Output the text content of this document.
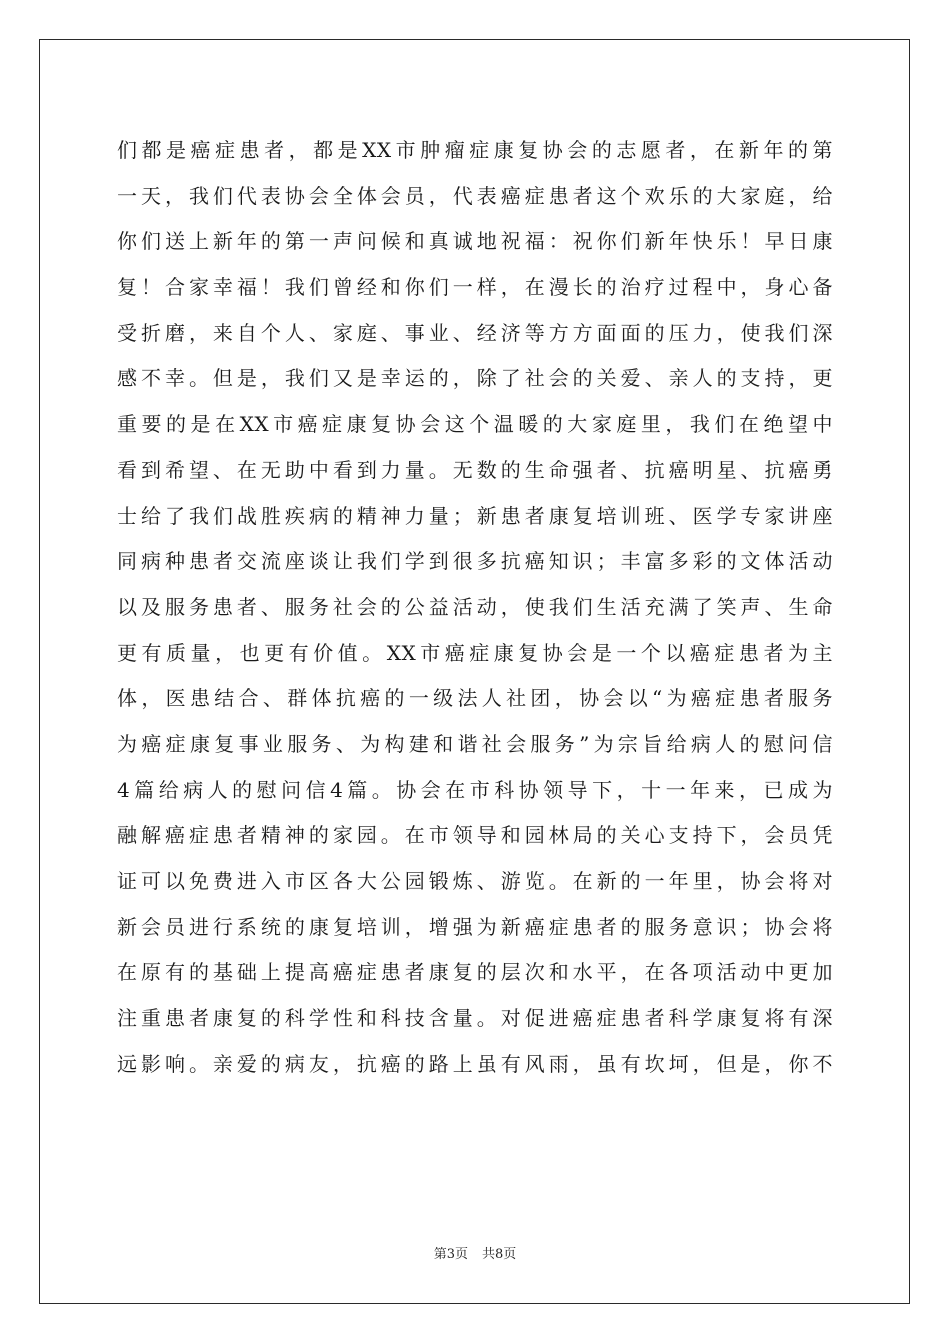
们都是癌症患者，都是XX市肿瘤症康复协会的志愿者，在新年的第
一天，我们代表协会全体会员，代表癌症患者这个欢乐的大家庭，给
你们送上新年的第一声问候和真诚地祝福：祝你们新年快乐！早日康
复！合家幸福！我们曾经和你们一样，在漫长的治疗过程中，身心备
受折磨，来自个人、家庭、事业、经济等方方面面的压力，使我们深
感不幸。但是，我们又是幸运的，除了社会的关爱、亲人的支持，更
重要的是在XX市癌症康复协会这个温暖的大家庭里，我们在绝望中
看到希望、在无助中看到力量。无数的生命强者、抗癌明星、抗癌勇
士给了我们战胜疾病的精神力量；新患者康复培训班、医学专家讲座
同病种患者交流座谈让我们学到很多抗癌知识；丰富多彩的文体活动
以及服务患者、服务社会的公益活动，使我们生活充满了笑声、生命
更有质量，也更有价值。XX市癌症康复协会是一个以癌症患者为主
体，医患结合、群体抗癌的一级法人社团，协会以“为癌症患者服务
为癌症康复事业服务、为构建和谐社会服务”为宗旨给病人的慰问信
4篇给病人的慰问信4篇。协会在市科协领导下，十一年来，已成为
融解癌症患者精神的家园。在市领导和园林局的关心支持下，会员凭
证可以免费进入市区各大公园锻炼、游览。在新的一年里，协会将对
新会员进行系统的康复培训，增强为新癌症患者的服务意识；协会将
在原有的基础上提高癌症患者康复的层次和水平，在各项活动中更加
注重患者康复的科学性和科技含量。对促进癌症患者科学康复将有深
远影响。亲爱的病友，抗癌的路上虽有风雨，虽有坎坷，但是，你不
第3页 共8页
